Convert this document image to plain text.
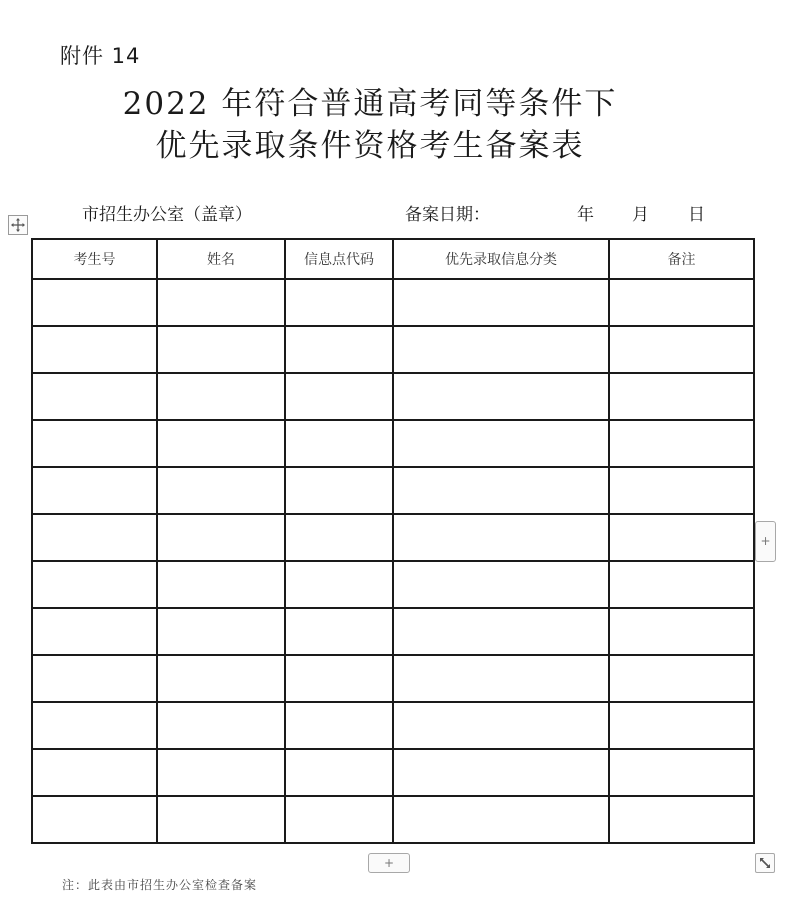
附件 14
2022 年符合普通高考同等条件下
优先录取条件资格考生备案表
市招生办公室（盖章）	备案日期：	年 月 日
考生号	姓名	信息点代码	优先录取信息分类	备注

+
+
注：此表由市招生办公室检查备案
